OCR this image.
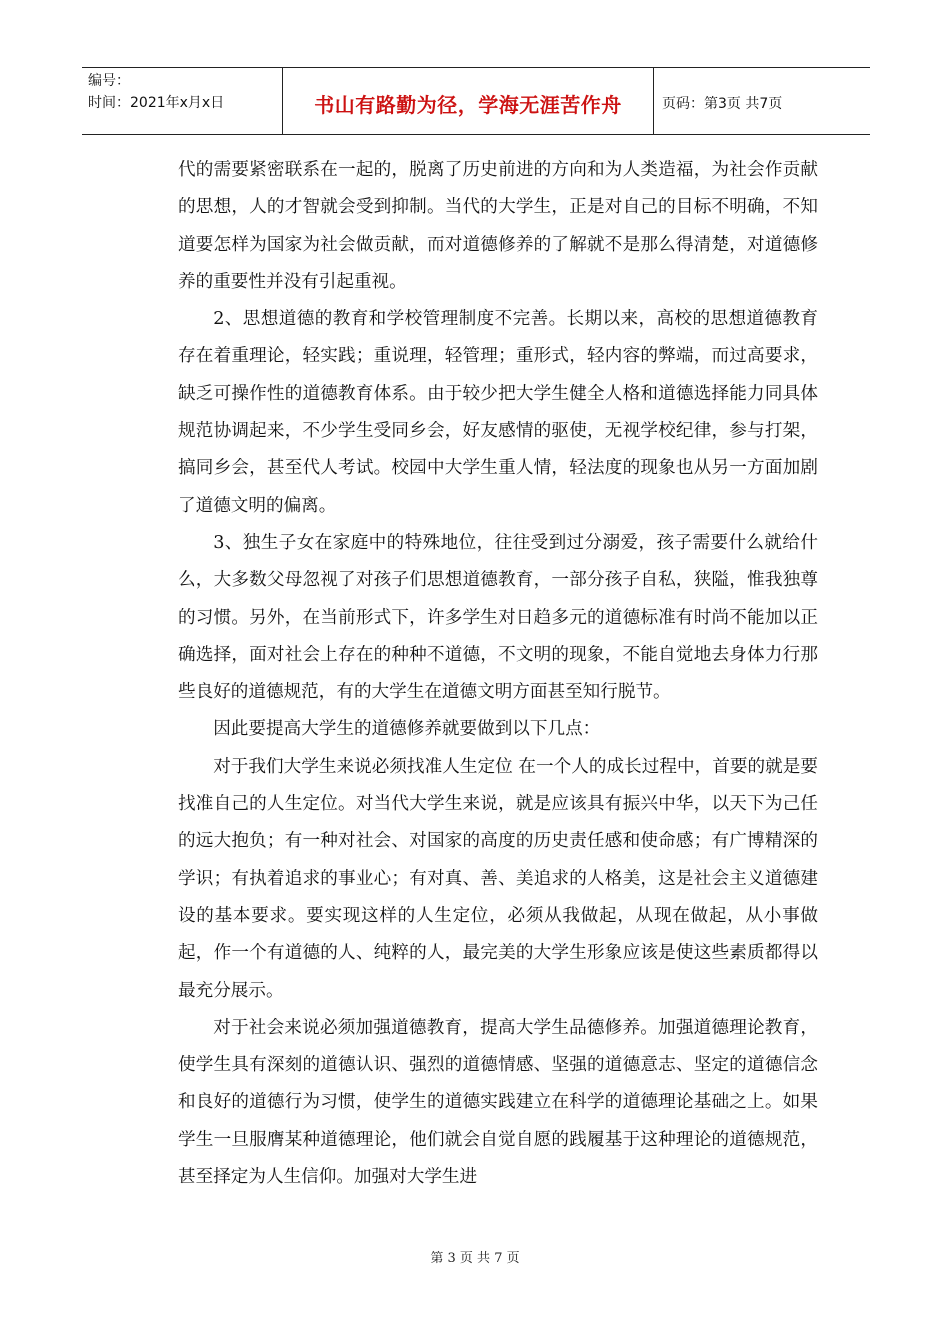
编号：
时间：2021年x月x日	书山有路勤为径，学海无涯苦作舟	页码：第3页 共7页

代的需要紧密联系在一起的，脱离了历史前进的方向和为人类造福，为社会作贡献的思想，人的才智就会受到抑制。当代的大学生，正是对自己的目标不明确，不知道要怎样为国家为社会做贡献，而对道德修养的了解就不是那么得清楚，对道德修养的重要性并没有引起重视。

2、思想道德的教育和学校管理制度不完善。长期以来，高校的思想道德教育存在着重理论，轻实践；重说理，轻管理；重形式，轻内容的弊端，而过高要求，缺乏可操作性的道德教育体系。由于较少把大学生健全人格和道德选择能力同具体规范协调起来，不少学生受同乡会，好友感情的驱使，无视学校纪律，参与打架，搞同乡会，甚至代人考试。校园中大学生重人情，轻法度的现象也从另一方面加剧了道德文明的偏离。

3、独生子女在家庭中的特殊地位，往往受到过分溺爱，孩子需要什么就给什么，大多数父母忽视了对孩子们思想道德教育，一部分孩子自私，狭隘，惟我独尊的习惯。另外，在当前形式下，许多学生对日趋多元的道德标准有时尚不能加以正确选择，面对社会上存在的种种不道德，不文明的现象，不能自觉地去身体力行那些良好的道德规范，有的大学生在道德文明方面甚至知行脱节。

因此要提高大学生的道德修养就要做到以下几点：

对于我们大学生来说必须找准人生定位 在一个人的成长过程中，首要的就是要找准自己的人生定位。对当代大学生来说，就是应该具有振兴中华，以天下为己任的远大抱负；有一种对社会、对国家的高度的历史责任感和使命感；有广博精深的学识；有执着追求的事业心；有对真、善、美追求的人格美，这是社会主义道德建设的基本要求。要实现这样的人生定位，必须从我做起，从现在做起，从小事做起，作一个有道德的人、纯粹的人，最完美的大学生形象应该是使这些素质都得以最充分展示。

对于社会来说必须加强道德教育，提高大学生品德修养。加强道德理论教育，使学生具有深刻的道德认识、强烈的道德情感、坚强的道德意志、坚定的道德信念和良好的道德行为习惯，使学生的道德实践建立在科学的道德理论基础之上。如果学生一旦服膺某种道德理论，他们就会自觉自愿的践履基于这种理论的道德规范，甚至择定为人生信仰。加强对大学生进

第 3 页 共 7 页
